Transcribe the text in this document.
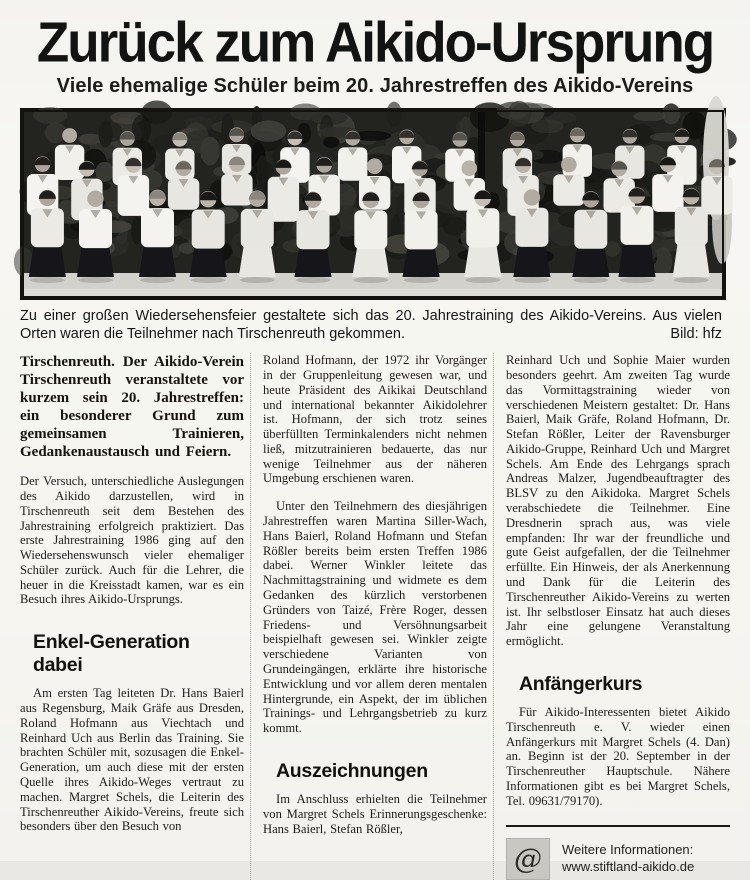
Zurück zum Aikido-Ursprung
Viele ehemalige Schüler beim 20. Jahrestreffen des Aikido-Vereins
Zu einer großen Wiedersehensfeier gestaltete sich das 20. Jahrestraining des Aikido-Vereins. Aus vielen Orten waren die Teilnehmer nach Tirschenreuth gekommen.	Bild: hfz

Tirschenreuth. Der Aikido-Verein Tirschenreuth veranstaltete vor kurzem sein 20. Jahrestreffen: ein besonderer Grund zum gemeinsamen Trainieren, Gedankenaustausch und Feiern.

Der Versuch, unterschiedliche Auslegungen des Aikido darzustellen, wird in Tirschenreuth seit dem Bestehen des Jahrestraining erfolgreich praktiziert. Das erste Jahrestraining 1986 ging auf den Wiedersehenswunsch vieler ehemaliger Schüler zurück. Auch für die Lehrer, die heuer in die Kreisstadt kamen, war es ein Besuch ihres Aikido-Ursprungs.

Enkel-Generation dabei

Am ersten Tag leiteten Dr. Hans Baierl aus Regensburg, Maik Gräfe aus Dresden, Roland Hofmann aus Viechtach und Reinhard Uch aus Berlin das Training. Sie brachten Schüler mit, sozusagen die Enkel-Generation, um auch diese mit der ersten Quelle ihres Aikido-Weges vertraut zu machen. Margret Schels, die Leiterin des Tirschenreuther Aikido-Vereins, freute sich besonders über den Besuch von

Roland Hofmann, der 1972 ihr Vorgänger in der Gruppenleitung gewesen war, und heute Präsident des Aikikai Deutschland und international bekannter Aikidolehrer ist. Hofmann, der sich trotz seines überfüllten Terminkalenders nicht nehmen ließ, mitzutrainieren bedauerte, das nur wenige Teilnehmer aus der näheren Umgebung erschienen waren.

Unter den Teilnehmern des diesjährigen Jahrestreffen waren Martina Siller-Wach, Hans Baierl, Roland Hofmann und Stefan Rößler bereits beim ersten Treffen 1986 dabei. Werner Winkler leitete das Nachmittagstraining und widmete es dem Gedanken des kürzlich verstorbenen Gründers von Taizé, Frère Roger, dessen Friedens- und Versöhnungsarbeit beispielhaft gewesen sei. Winkler zeigte verschiedene Varianten von Grundeingängen, erklärte ihre historische Entwicklung und vor allem deren mentalen Hintergrunde, ein Aspekt, der im üblichen Trainings- und Lehrgangsbetrieb zu kurz kommt.

Auszeichnungen

Im Anschluss erhielten die Teilnehmer von Margret Schels Erinnerungsgeschenke: Hans Baierl, Stefan Rößler,

Reinhard Uch und Sophie Maier wurden besonders geehrt. Am zweiten Tag wurde das Vormittagstraining wieder von verschiedenen Meistern gestaltet: Dr. Hans Baierl, Maik Gräfe, Roland Hofmann, Dr. Stefan Rößler, Leiter der Ravensburger Aikido-Gruppe, Reinhard Uch und Margret Schels. Am Ende des Lehrgangs sprach Andreas Malzer, Jugendbeauftragter des BLSV zu den Aikidoka. Margret Schels verabschiedete die Teilnehmer. Eine Dresdnerin sprach aus, was viele empfanden: Ihr war der freundliche und gute Geist aufgefallen, der die Teilnehmer erfüllte. Ein Hinweis, der als Anerkennung und Dank für die Leiterin des Tirschenreuther Aikido-Vereins zu werten ist. Ihr selbstloser Einsatz hat auch dieses Jahr eine gelungene Veranstaltung ermöglicht.

Anfängerkurs

Für Aikido-Interessenten bietet Aikido Tirschenreuth e. V. wieder einen Anfängerkurs mit Margret Schels (4. Dan) an. Beginn ist der 20. September in der Tirschenreuther Hauptschule. Nähere Informationen gibt es bei Margret Schels, Tel. 09631/79170).

@	Weitere Informationen:
www.stiftland-aikido.de
